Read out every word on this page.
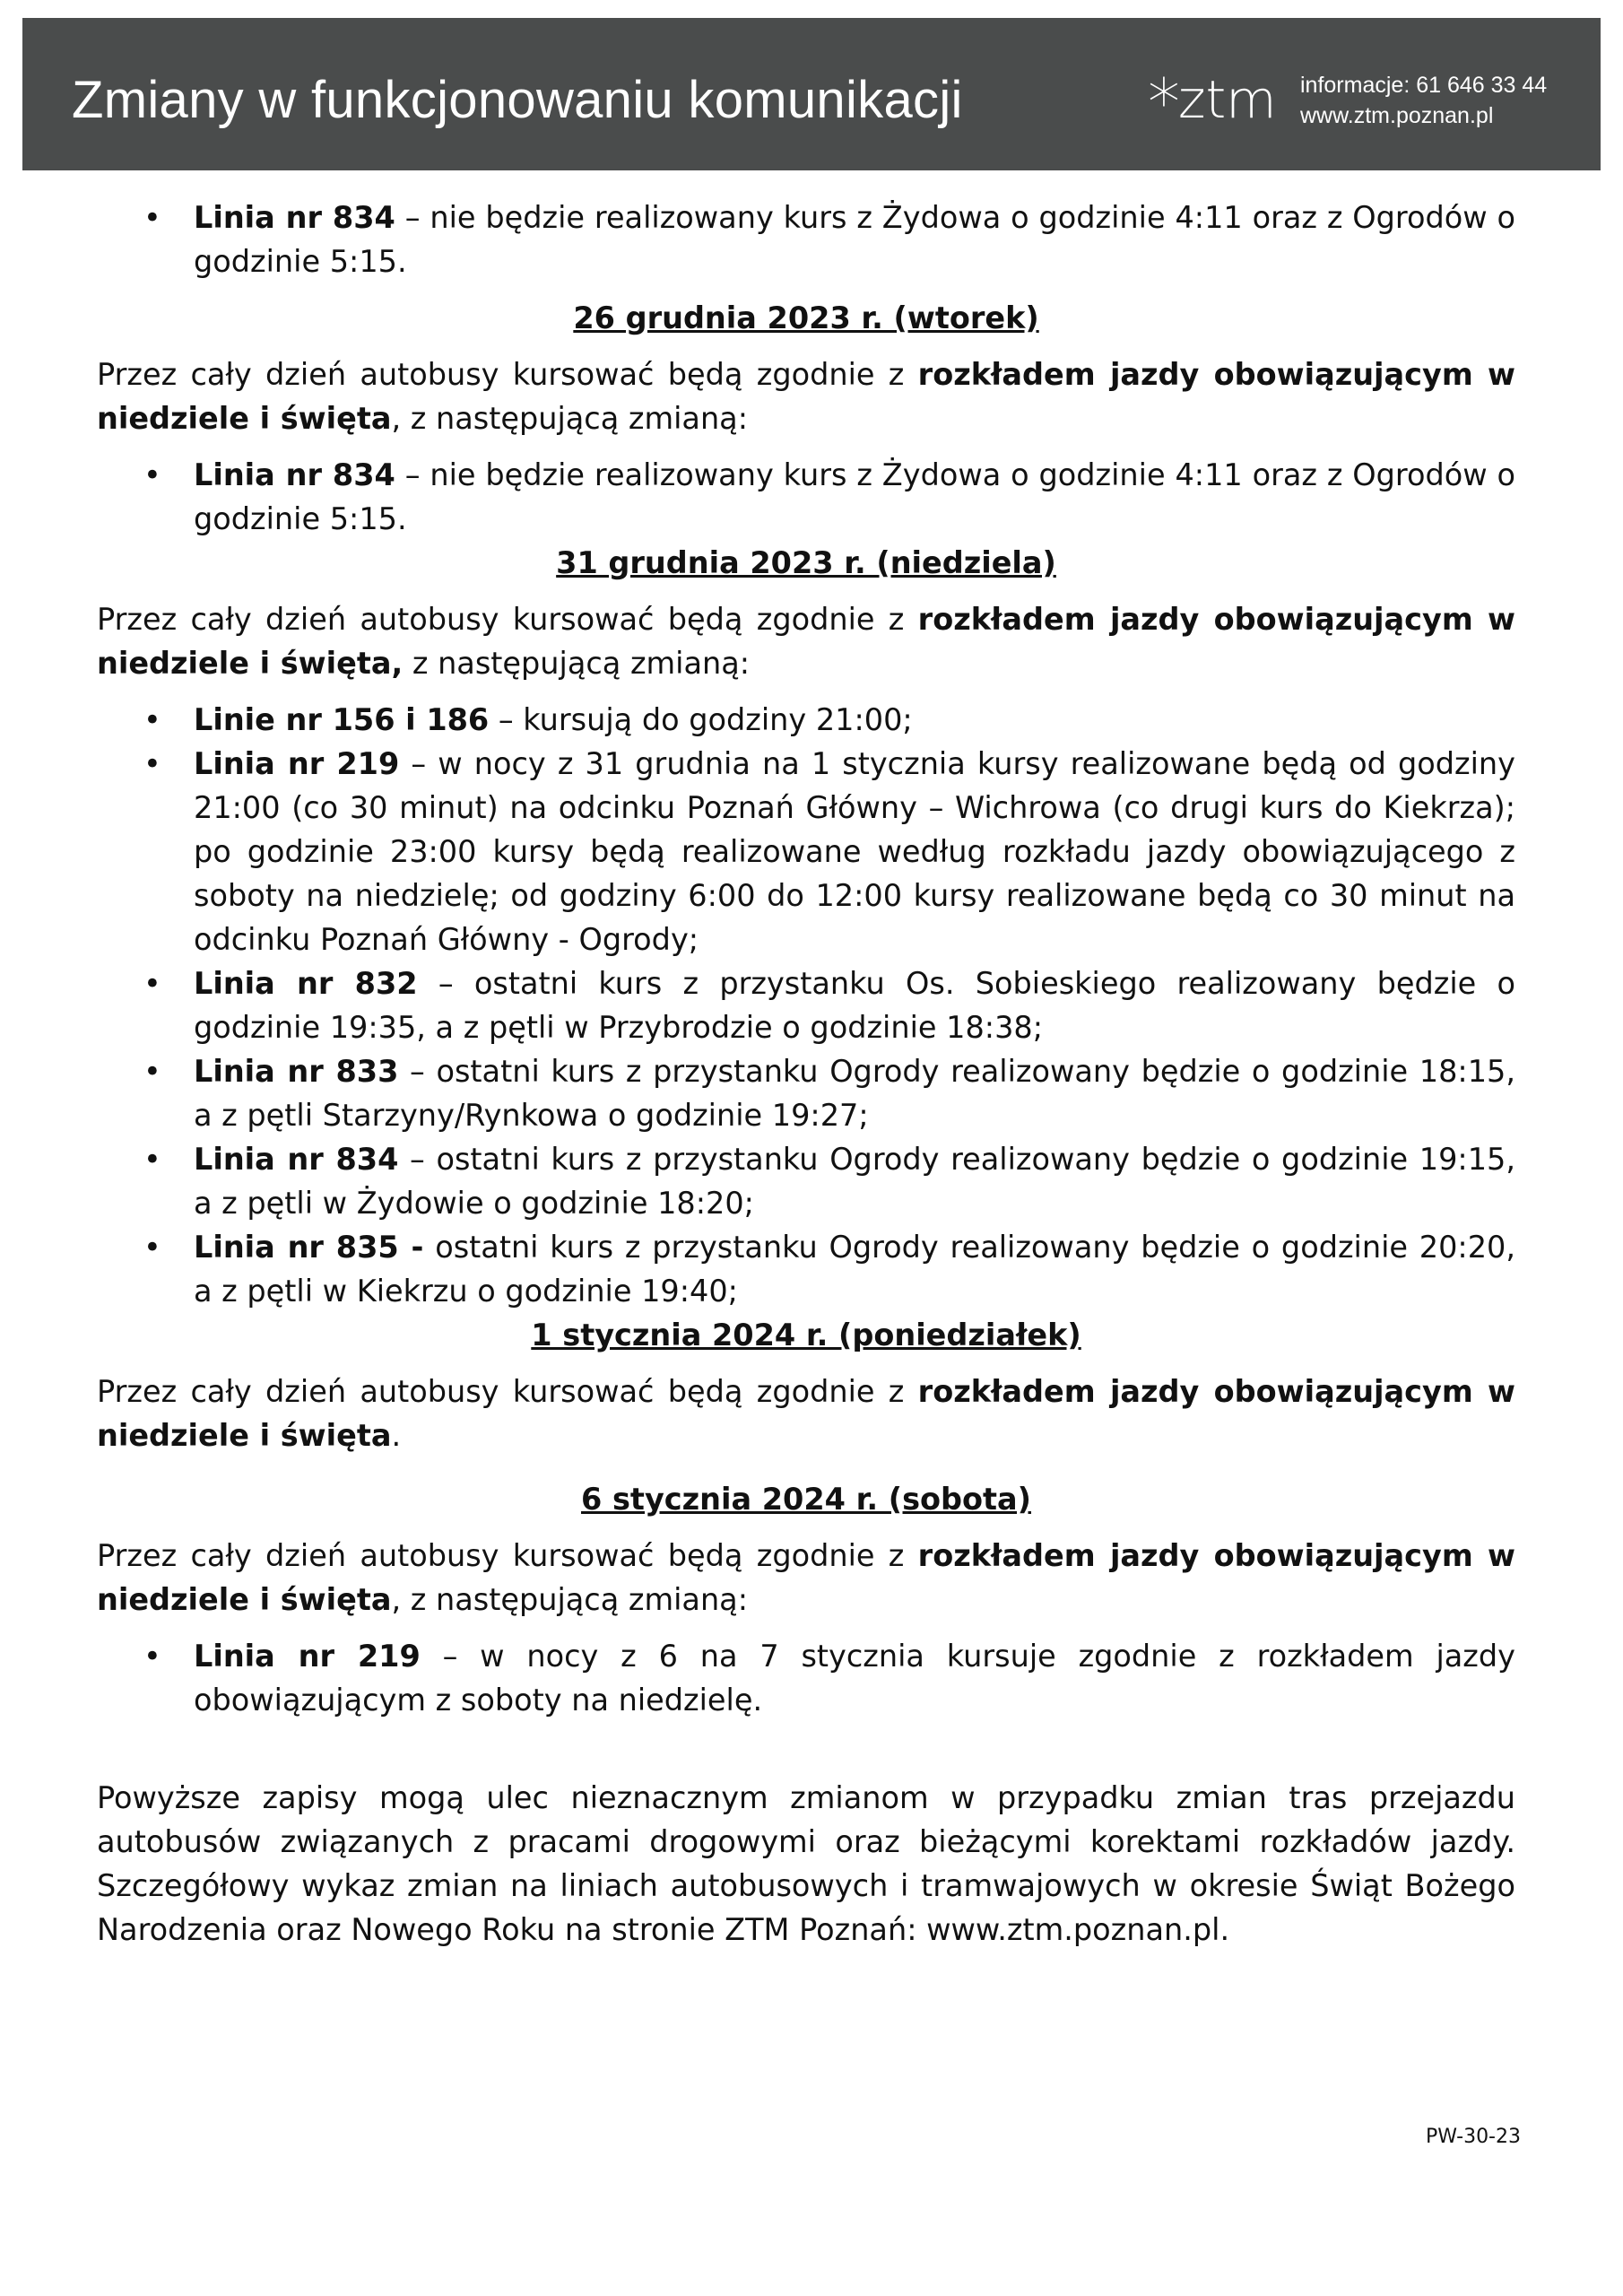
Zmiany w funkcjonowaniu komunikacji	*ztm informacje: 61 646 33 44
www.ztm.poznan.pl
• Linia nr 834 – nie będzie realizowany kurs z Żydowa o godzinie 4:11 oraz z Ogrodów o godzinie 5:15.

26 grudnia 2023 r. (wtorek)

Przez cały dzień autobusy kursować będą zgodnie z rozkładem jazdy obowiązującym w niedziele i święta, z następującą zmianą:

• Linia nr 834 – nie będzie realizowany kurs z Żydowa o godzinie 4:11 oraz z Ogrodów o godzinie 5:15.

31 grudnia 2023 r. (niedziela)

Przez cały dzień autobusy kursować będą zgodnie z rozkładem jazdy obowiązującym w niedziele i święta, z następującą zmianą:

• Linie nr 156 i 186 – kursują do godziny 21:00;
• Linia nr 219 – w nocy z 31 grudnia na 1 stycznia kursy realizowane będą od godziny 21:00 (co 30 minut) na odcinku Poznań Główny – Wichrowa (co drugi kurs do Kiekrza); po godzinie 23:00 kursy będą realizowane według rozkładu jazdy obowiązującego z soboty na niedzielę; od godziny 6:00 do 12:00 kursy realizowane będą co 30 minut na odcinku Poznań Główny - Ogrody;
• Linia nr 832 – ostatni kurs z przystanku Os. Sobieskiego realizowany będzie o godzinie 19:35, a z pętli w Przybrodzie o godzinie 18:38;
• Linia nr 833 – ostatni kurs z przystanku Ogrody realizowany będzie o godzinie 18:15, a z pętli Starzyny/Rynkowa o godzinie 19:27;
• Linia nr 834 – ostatni kurs z przystanku Ogrody realizowany będzie o godzinie 19:15, a z pętli w Żydowie o godzinie 18:20;
• Linia nr 835 - ostatni kurs z przystanku Ogrody realizowany będzie o godzinie 20:20, a z pętli w Kiekrzu o godzinie 19:40;

1 stycznia 2024 r. (poniedziałek)

Przez cały dzień autobusy kursować będą zgodnie z rozkładem jazdy obowiązującym w niedziele i święta.

6 stycznia 2024 r. (sobota)

Przez cały dzień autobusy kursować będą zgodnie z rozkładem jazdy obowiązującym w niedziele i święta, z następującą zmianą:

• Linia nr 219 – w nocy z 6 na 7 stycznia kursuje zgodnie z rozkładem jazdy obowiązującym z soboty na niedzielę.

Powyższe zapisy mogą ulec nieznacznym zmianom w przypadku zmian tras przejazdu autobusów związanych z pracami drogowymi oraz bieżącymi korektami rozkładów jazdy. Szczegółowy wykaz zmian na liniach autobusowych i tramwajowych w okresie Świąt Bożego Narodzenia oraz Nowego Roku na stronie ZTM Poznań: www.ztm.poznan.pl.

PW-30-23
